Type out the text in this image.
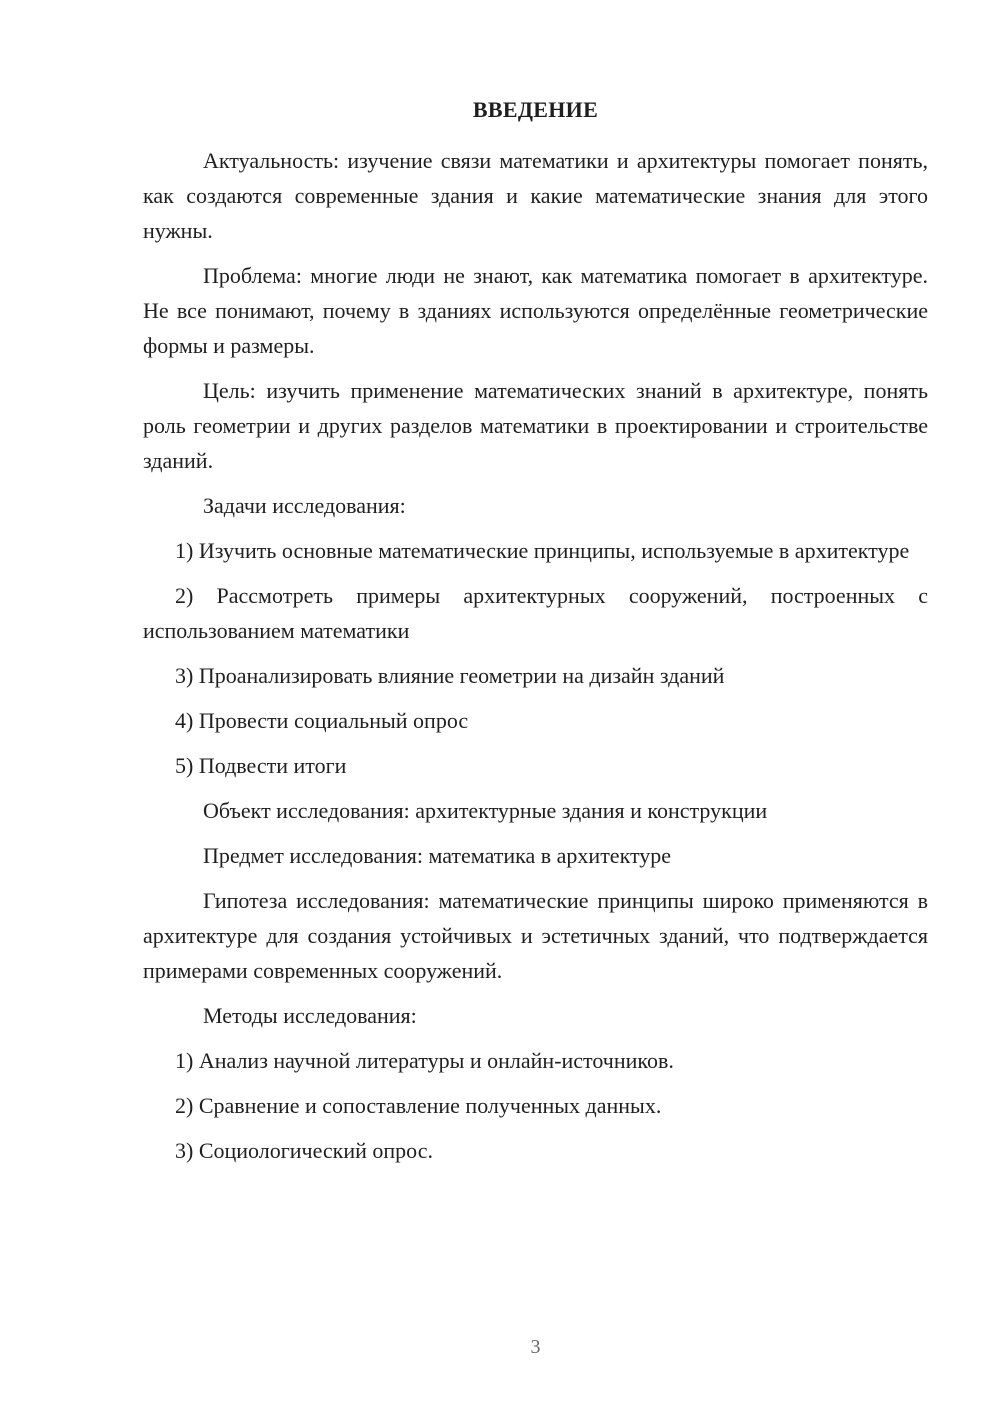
ВВЕДЕНИЕ

Актуальность: изучение связи математики и архитектуры помогает понять, как создаются современные здания и какие математические знания для этого нужны.

Проблема: многие люди не знают, как математика помогает в архитектуре. Не все понимают, почему в зданиях используются определённые геометрические формы и размеры.

Цель: изучить применение математических знаний в архитектуре, понять роль геометрии и других разделов математики в проектировании и строительстве зданий.

Задачи исследования:

1) Изучить основные математические принципы, используемые в архитектуре

2) Рассмотреть примеры архитектурных сооружений, построенных с использованием математики

3) Проанализировать влияние геометрии на дизайн зданий

4) Провести социальный опрос

5) Подвести итоги

Объект исследования: архитектурные здания и конструкции

Предмет исследования: математика в архитектуре

Гипотеза исследования: математические принципы широко применяются в архитектуре для создания устойчивых и эстетичных зданий, что подтверждается примерами современных сооружений.

Методы исследования:

1) Анализ научной литературы и онлайн-источников.

2) Сравнение и сопоставление полученных данных.

3) Социологический опрос.

3
